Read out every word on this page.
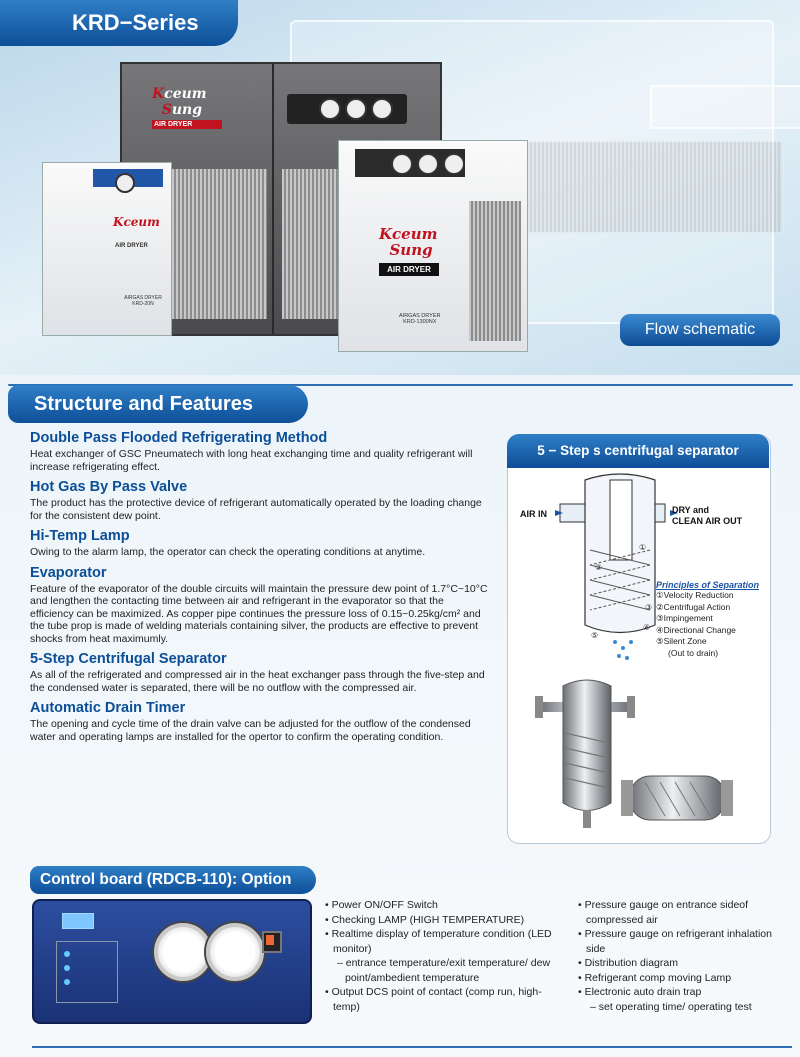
Kceum
Sung
AIR DRYER
Kceum
AIR DRYER
AIRGAS DRYER
KRD-20N
Kceum
Sung
AIR DRYER
AIRGAS DRYER
KRD-1300NX	Flow schematic
KRD−Series
Structure and Features
Double Pass Flooded Refrigerating Method

Heat exchanger of GSC Pneumatech with long heat exchanging time and quality refrigerant will increase refrigerating effect.

Hot Gas By Pass Valve

The product has the protective device of refrigerant automatically operated by the loading change for the consistent dew point.

Hi-Temp Lamp

Owing to the alarm lamp, the operator can check the operating conditions at anytime.

Evaporator

Feature of the evaporator of the double circuits will maintain the pressure dew point of 1.7°C~10°C and lengthen the contacting time between air and refrigerant in the evaporator so that the efficiency can be maximized. As copper pipe continues the pressure loss of 0.15~0.25kg/cm² and the tube prop is made of welding materials containing silver, the products are effective to prevent shocks from heat maximumly.

5-Step Centrifugal Separator

As all of the refrigerated and compressed air in the heat exchanger pass through the five-step and the condensed water is separated, there will be no outflow with the compressed air.

Automatic Drain Timer

The opening and cycle time of the drain valve can be adjusted for the outflow of the condensed water and operating lamps are installed for the opertor to confirm the operating condition.

5 − Step s centrifugal separator
①
③
④
⑤
②
AIR IN	DRY and
CLEAN AIR OUT
Principles of Separation
①Velocity Reduction
②Centrifugal Action
③Impingement
④Directional Change
⑤Silent Zone
(Out to drain)
Control board (RDCB-110): Option
• Power ON/OFF Switch
• Checking LAMP (HIGH TEMPERATURE)
• Realtime display of temperature condition (LED monitor)
– entrance temperature/exit temperature/ dew point/ambedient temperature
• Output DCS point of contact (comp run, high-temp)
• Pressure gauge on entrance sideof compressed air
• Pressure gauge on refrigerant inhalation side
• Distribution diagram
• Refrigerant comp moving Lamp
• Electronic auto drain trap
– set operating time/ operating test
